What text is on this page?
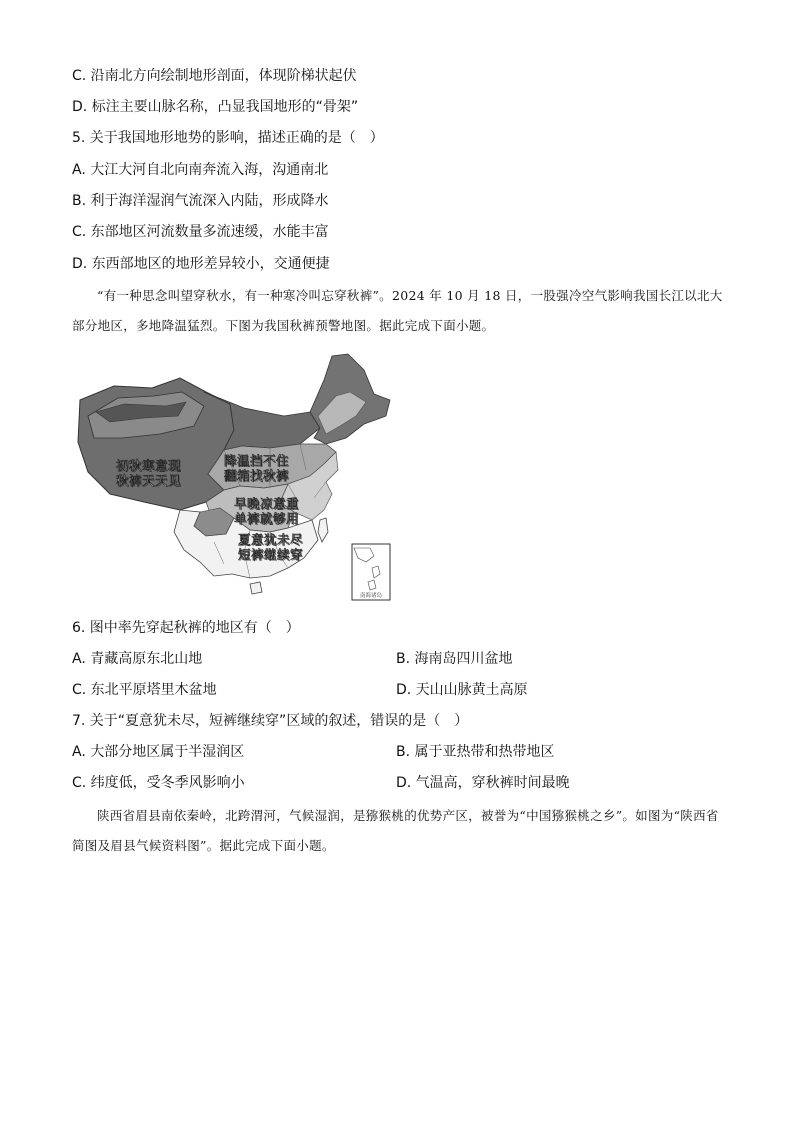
C. 沿南北方向绘制地形剖面，体现阶梯状起伏
D. 标注主要山脉名称，凸显我国地形的“骨架”
5. 关于我国地形地势的影响，描述正确的是（　）
A. 大江大河自北向南奔流入海，沟通南北
B. 利于海洋湿润气流深入内陆，形成降水
C. 东部地区河流数量多流速缓，水能丰富
D. 东西部地区的地形差异较小，交通便捷
“有一种思念叫望穿秋水，有一种寒冷叫忘穿秋裤”。2024 年 10 月 18 日，一股强冷空气影响我国长江以北大部分地区，多地降温猛烈。下图为我国秋裤预警地图。据此完成下面小题。
南海诸岛
初秋寒意现
秋裤天天见
降温挡不住
翻箱找秋裤
早晚凉意重
单裤就够用
夏意犹未尽
短裤继续穿
6. 图中率先穿起秋裤的地区有（　）
A. 青藏高原东北山地	B. 海南岛四川盆地
C. 东北平原塔里木盆地	D. 天山山脉黄土高原
7. 关于“夏意犹未尽，短裤继续穿”区域的叙述，错误的是（　）
A. 大部分地区属于半湿润区	B. 属于亚热带和热带地区
C. 纬度低，受冬季风影响小	D. 气温高，穿秋裤时间最晚
陕西省眉县南依秦岭，北跨渭河，气候湿润，是猕猴桃的优势产区，被誉为“中国猕猴桃之乡”。如图为“陕西省简图及眉县气候资料图”。据此完成下面小题。
